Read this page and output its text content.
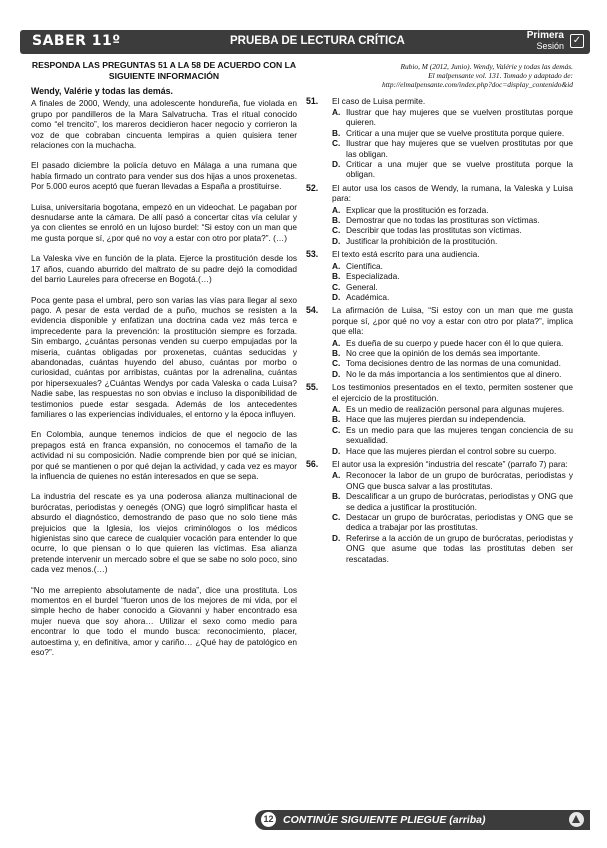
SABER 11º	PRUEBA DE LECTURA CRÍTICA	Primera
Sesión ✓
RESPONDA LAS PREGUNTAS 51 A LA 58 DE ACUERDO CON LA SIGUIENTE INFORMACIÓN
Wendy, Valérie y todas las demás.

A finales de 2000, Wendy, una adolescente hondureña, fue violada en grupo por pandilleros de la Mara Salvatrucha. Tras el ritual conocido como “el trencito”, los mareros decidieron hacer negocio y corrieron la voz de que cobraban cincuenta lempiras a quien quisiera tener relaciones con la muchacha.

El pasado diciembre la policía detuvo en Málaga a una rumana que había firmado un contrato para vender sus dos hijas a unos proxenetas. Por 5.000 euros aceptó que fueran llevadas a España a prostituirse.

Luisa, universitaria bogotana, empezó en un videochat. Le pagaban por desnudarse ante la cámara. De allí pasó a concertar citas vía celular y ya con clientes se enroló en un lujoso burdel: “Si estoy con un man que me gusta porque sí, ¿por qué no voy a estar con otro por plata?”. (…)

La Valeska vive en función de la plata. Ejerce la prostitución desde los 17 años, cuando aburrido del maltrato de su padre dejó la comodidad del barrio Laureles para ofrecerse en Bogotá.(…)

Poca gente pasa el umbral, pero son varias las vías para llegar al sexo pago. A pesar de esta verdad de a puño, muchos se resisten a la evidencia disponible y enfatizan una doctrina cada vez más terca e imprecedente para la prevención: la prostitución siempre es forzada. Sin embargo, ¿cuántas personas venden su cuerpo empujadas por la miseria, cuántas obligadas por proxenetas, cuántas seducidas y abandonadas, cuántas huyendo del abuso, cuántas por morbo o curiosidad, cuántas por arribistas, cuántas por la adrenalina, cuántas por hipersexuales? ¿Cuántas Wendys por cada Valeska o cada Luisa? Nadie sabe, las respuestas no son obvias e incluso la disponibilidad de testimonios puede estar sesgada. Además de los antecedentes familiares o las experiencias individuales, el entorno y la época influyen.

En Colombia, aunque tenemos indicios de que el negocio de las prepagos está en franca expansión, no conocemos el tamaño de la actividad ni su composición. Nadie comprende bien por qué se inician, por qué se mantienen o por qué dejan la actividad, y cada vez es mayor la influencia de quienes no están interesados en que se sepa.

La industria del rescate es ya una poderosa alianza multinacional de burócratas, periodistas y oenegés (ONG) que logró simplificar hasta el absurdo el diagnóstico, demostrando de paso que no solo tiene más prejuicios que la Iglesia, los viejos criminólogos o los médicos higienistas sino que carece de cualquier vocación para entender lo que ocurre, lo que piensan o lo que quieren las víctimas. Esa alianza pretende intervenir un mercado sobre el que se sabe no solo poco, sino cada vez menos.(…)

“No me arrepiento absolutamente de nada”, dice una prostituta. Los momentos en el burdel “fueron unos de los mejores de mi vida, por el simple hecho de haber conocido a Giovanni y haber encontrado esa mujer nueva que soy ahora… Utilizar el sexo como medio para encontrar lo que todo el mundo busca: reconocimiento, placer, autoestima y, en definitiva, amor y cariño… ¿Qué hay de patológico en eso?”.

Rubio, M (2012, Junio). Wendy, Valérie y todas las demás.
El malpensante vol. 131. Tomado y adaptado de:
http://elmalpensante.com/index.php?doc=display_contenido&id
51.	El caso de Luisa permite.
A. Ilustrar que hay mujeres que se vuelven prostitutas porque quieren.
B. Criticar a una mujer que se vuelve prostituta porque quiere.
C. Ilustrar que hay mujeres que se vuelven prostitutas por que las obligan.
D. Criticar a una mujer que se vuelve prostituta porque la obligan.
52.	El autor usa los casos de Wendy, la rumana, la Valeska y Luisa para:
A. Explicar que la prostitución es forzada.
B. Demostrar que no todas las prostituras son víctimas.
C. Describir que todas las prostitutas son víctimas.
D. Justificar la prohibición de la prostitución.
53.	El texto está escrito para una audiencia.
A. Científica.
B. Especializada.
C. General.
D. Académica.
54.	La afirmación de Luisa, “Si estoy con un man que me gusta porque sí, ¿por qué no voy a estar con otro por plata?”, implica que ella:
A. Es dueña de su cuerpo y puede hacer con él lo que quiera.
B. No cree que la opinión de los demás sea importante.
C. Toma decisiones dentro de las normas de una comunidad.
D. No le da más importancia a los sentimientos que al dinero.
55.	Los testimonios presentados en el texto, permiten sostener que el ejercicio de la prostitución.
A. Es un medio de realización personal para algunas mujeres.
B. Hace que las mujeres pierdan su independencia.
C. Es un medio para que las mujeres tengan conciencia de su sexualidad.
D. Hace que las mujeres pierdan el control sobre su cuerpo.
56.	El autor usa la expresión “industria del rescate” (parrafo 7) para:
A. Reconocer la labor de un grupo de burócratas, periodistas y ONG que busca salvar a las prostitutas.
B. Descalificar a un grupo de burócratas, periodistas y ONG que se dedica a justificar la prostitución.
C. Destacar un grupo de burócratas, periodistas y ONG que se dedica a trabajar por las prostitutas.
D. Referirse a la acción de un grupo de burócratas, periodistas y ONG que asume que todas las prostitutas deben ser rescatadas.
12 CONTINÚE SIGUIENTE PLIEGUE (arriba)
